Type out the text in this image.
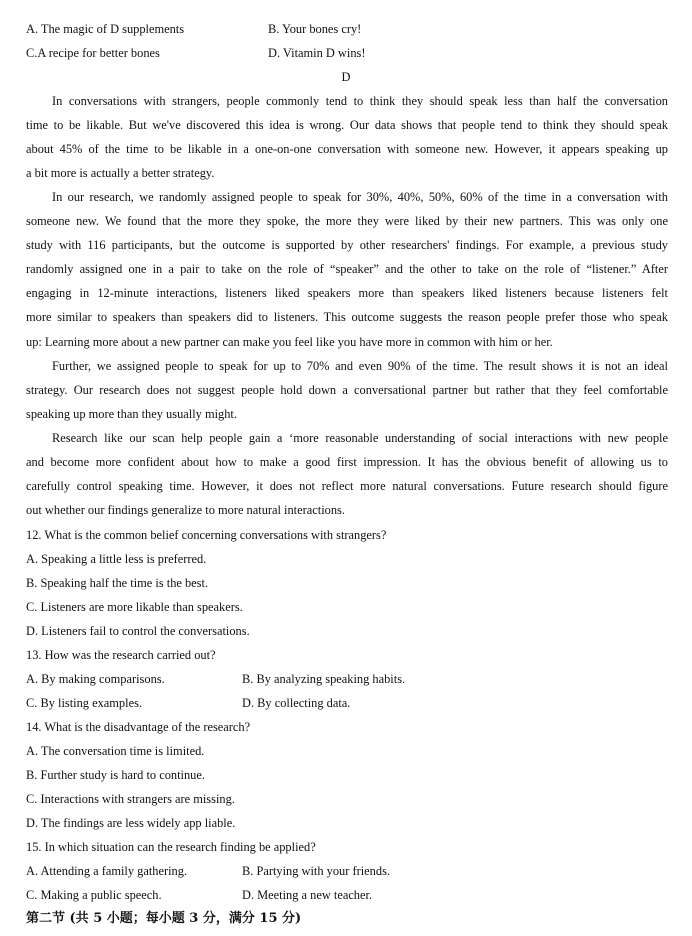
A. The magic of D supplements	B. Your bones cry!
C.A recipe for better bones	D. Vitamin D wins!
D
In conversations with strangers, people commonly tend to think they should speak less than half the conversation
time to be likable. But we've discovered this idea is wrong. Our data shows that people tend to think they should speak
about 45% of the time to be likable in a one-on-one conversation with someone new. However, it appears speaking up
a bit more is actually a better strategy.
In our research, we randomly assigned people to speak for 30%, 40%, 50%, 60% of the time in a conversation with
someone new. We found that the more they spoke, the more they were liked by their new partners. This was only one
study with 116 participants, but the outcome is supported by other researchers' findings. For example, a previous study
randomly assigned one in a pair to take on the role of “speaker” and the other to take on the role of “listener.” After
engaging in 12-minute interactions, listeners liked speakers more than speakers liked listeners because listeners felt
more similar to speakers than speakers did to listeners. This outcome suggests the reason people prefer those who speak
up: Learning more about a new partner can make you feel like you have more in common with him or her.
Further, we assigned people to speak for up to 70% and even 90% of the time. The result shows it is not an ideal
strategy. Our research does not suggest people hold down a conversational partner but rather that they feel comfortable
speaking up more than they usually might.
Research like our scan help people gain a ‘more reasonable understanding of social interactions with new people
and become more confident about how to make a good first impression. It has the obvious benefit of allowing us to
carefully control speaking time. However, it does not reflect more natural conversations. Future research should figure
out whether our findings generalize to more natural interactions.
12. What is the common belief concerning conversations with strangers?
A. Speaking a little less is preferred.
B. Speaking half the time is the best.
C. Listeners are more likable than speakers.
D. Listeners fail to control the conversations.
13. How was the research carried out?
A. By making comparisons.	B. By analyzing speaking habits.
C. By listing examples.	D. By collecting data.
14. What is the disadvantage of the research?
A. The conversation time is limited.
B. Further study is hard to continue.
C. Interactions with strangers are missing.
D. The findings are less widely app liable.
15. In which situation can the research finding be applied?
A. Attending a family gathering.	B. Partying with your friends.
C. Making a public speech.	D. Meeting a new teacher.
第二节 (共 5 小题；每小题 3 分，满分 15 分)
